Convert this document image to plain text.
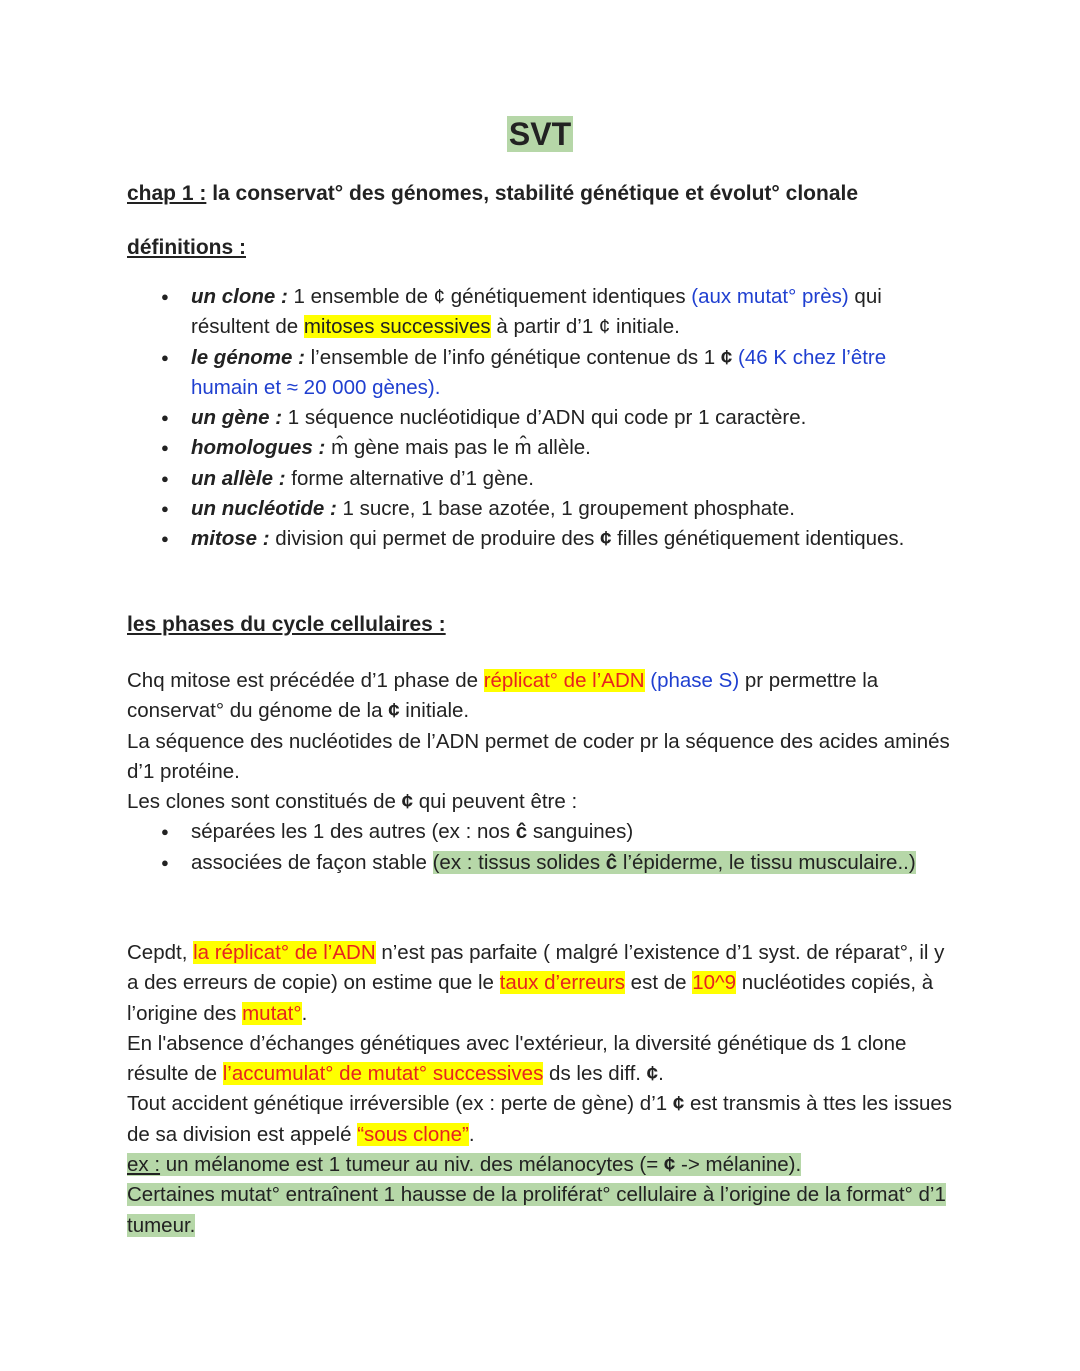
SVT
chap 1 : la conservat° des génomes, stabilité génétique et évolut° clonale
définitions :
● un clone : 1 ensemble de ¢ génétiquement identiques (aux mutat° près) qui résultent de mitoses successives à partir d’1 ¢ initiale.
● le génome : l’ensemble de l’info génétique contenue ds 1 ¢ (46 K chez l’être humain et ≈ 20 000 gènes).
● un gène : 1 séquence nucléotidique d’ADN qui code pr 1 caractère.
● homologues : m̂ gène mais pas le m̂ allèle.
● un allèle : forme alternative d’1 gène.
● un nucléotide : 1 sucre, 1 base azotée, 1 groupement phosphate.
● mitose : division qui permet de produire des ¢ filles génétiquement identiques.
les phases du cycle cellulaires :

Chq mitose est précédée d’1 phase de réplicat° de l’ADN (phase S) pr permettre la conservat° du génome de la ¢ initiale.

La séquence des nucléotides de l’ADN permet de coder pr la séquence des acides aminés d’1 protéine.

Les clones sont constitués de ¢ qui peuvent être :

● séparées les 1 des autres (ex : nos ĉ sanguines)
● associées de façon stable (ex : tissus solides ĉ l’épiderme, le tissu musculaire..)

Cepdt, la réplicat° de l’ADN n’est pas parfaite ( malgré l’existence d’1 syst. de réparat°, il y a des erreurs de copie) on estime que le taux d’erreurs est de 10^9 nucléotides copiés, à l’origine des mutat°.

En l'absence d’échanges génétiques avec l'extérieur, la diversité génétique ds 1 clone résulte de l’accumulat° de mutat° successives ds les diff. ¢.

Tout accident génétique irréversible (ex : perte de gène) d’1 ¢ est transmis à ttes les issues de sa division est appelé “sous clone”.

ex : un mélanome est 1 tumeur au niv. des mélanocytes (= ¢ -> mélanine).

Certaines mutat° entraînent 1 hausse de la prolifér​at° cellulaire à l’origine de la format° d’1 tumeur.
